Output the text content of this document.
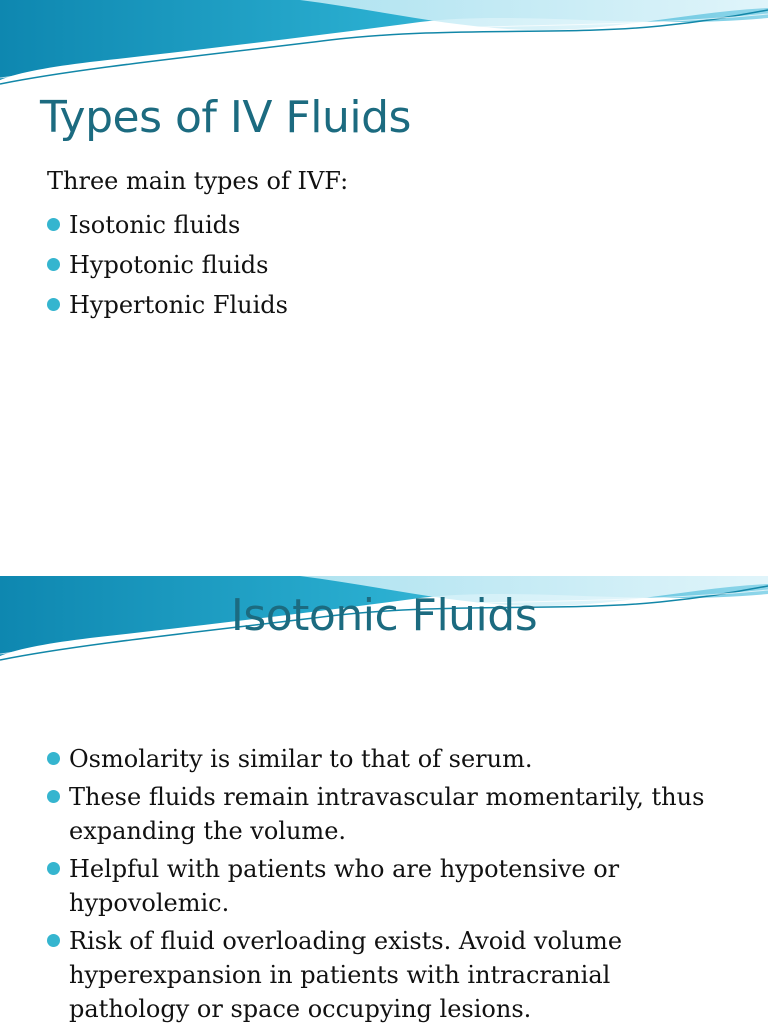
Types of IV Fluids
Three main types of IVF:
Isotonic fluids
Hypotonic fluids
Hypertonic Fluids
Isotonic Fluids
Osmolarity is similar to that of serum.
These fluids remain intravascular momentarily, thus expanding the volume.
Helpful with patients who are hypotensive or hypovolemic.
Risk of fluid overloading exists. Avoid volume hyperexpansion in patients with intracranial pathology or space occupying lesions.
